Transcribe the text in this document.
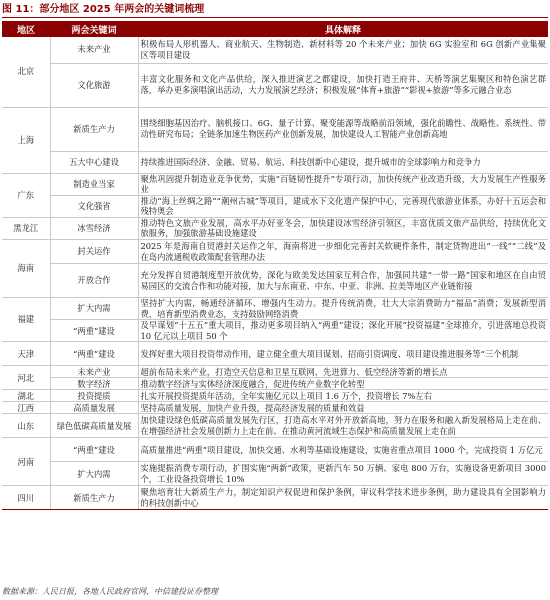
图 11：部分地区 2025 年两会的关键词梳理
地区	两会关键词	具体解释
北京	未来产业	积极布局人形机器人、商业航天、生物制造、新材料等 20 个未来产业；加快 6G 实验室和 6G 创新产业集聚区等项目建设
	文化旅游	丰富文化服务和文化产品供给，深入推进演艺之都建设，加快打造王府井、天桥等演艺集聚区和特色演艺群落，举办更多演唱演出活动，大力发展演艺经济；积极发展“体育+旅游”“影视+旅游”等多元融合业态
上海	新质生产力	围绕细胞基因治疗、脑机接口、6G、量子计算、聚变能源等战略前沿领域，强化前瞻性、战略性、系统性、带动性研究布局；全链条加速生物医药产业创新发展，加快建设人工智能产业创新高地
	五大中心建设	持续推进国际经济、金融、贸易、航运、科技创新中心建设，提升城市的全球影响力和竞争力
广东	制造业当家	聚焦巩固提升制造业竞争优势，实施“百链韧性提升”专项行动，加快传统产业改造升级，大力发展生产性服务业
	文化强省	推动“海上丝绸之路”“潮州古城”等项目，建成水下文化遗产保护中心，完善现代旅游业体系，办好十五运会和残特奥会
黑龙江	冰雪经济	推动特色文旅产业发展，高水平办好亚冬会，加快建设冰雪经济引领区，丰富优质文旅产品供给，持续优化文旅服务，加强旅游基础设施建设
海南	封关运作	2025 年是海南自贸港封关运作之年，海南将进一步细化完善封关软硬件条件，制定货物进出“一线”“二线”及在岛内流通税收政策配套管理办法
	开放合作	充分发挥自贸港制度型开放优势，深化与欧美发达国家互利合作，加强同共建“一带一路”国家和地区在自由贸易园区的交流合作和功能对接，加大与东南亚、中东、中亚、非洲、拉美等地区产业链衔接
福建	扩大内需	坚持扩大内需，畅通经济循环、增强内生动力。提升传统消费，壮大大宗消费助力“福品”消费；发展新型消费，培育新型消费业态，支持鼓励网络消费
	“两重”建设	及早谋划“十五五”重大项目，推动更多项目纳入“两重”建设；深化开展“投资福建”全球推介，引进落地总投资 10 亿元以上项目 50 个
天津	“两重”建设	发挥好重大项目投资带动作用，建立健全重大项目谋划、招商引资调度、项目建设推进服务等“三个机制
河北	未来产业	超前布局未来产业，打造空天信息和卫星互联网、先进算力、低空经济等新的增长点
	数字经济	推动数字经济与实体经济深度融合，促进传统产业数字化转型
湖北	投资提质	扎实开展投资提质年活动，全年实施亿元以上项目 1.6 万个，投资增长 7%左右
江西	高质量发展	坚持高质量发展，加快产业升级，提高经济发展的质量和效益
山东	绿色低碳高质量发展	加快建设绿色低碳高质量发展先行区，打造高水平对外开放新高地，努力在服务和融入新发展格局上走在前、在增强经济社会发展创新力上走在前、在推动黄河流域生态保护和高质量发展上走在前
河南	“两重”建设	高质量推进“两重”项目建设，加快交通、水利等基础设施建设，实施省重点项目 1000 个，完成投资 1 万亿元
	扩大内需	实施提振消费专项行动，扩围实施“两新”政策，更新汽车 50 万辆、家电 800 万台，实施设备更新项目 3000 个，工业设备投资增长 10%
四川	新质生产力	聚焦培育壮大新质生产力，制定知识产权促进和保护条例，审议科学技术进步条例，助力建设具有全国影响力的科技创新中心
数据来源：人民日报，各地人民政府官网，中信建投证券整理
